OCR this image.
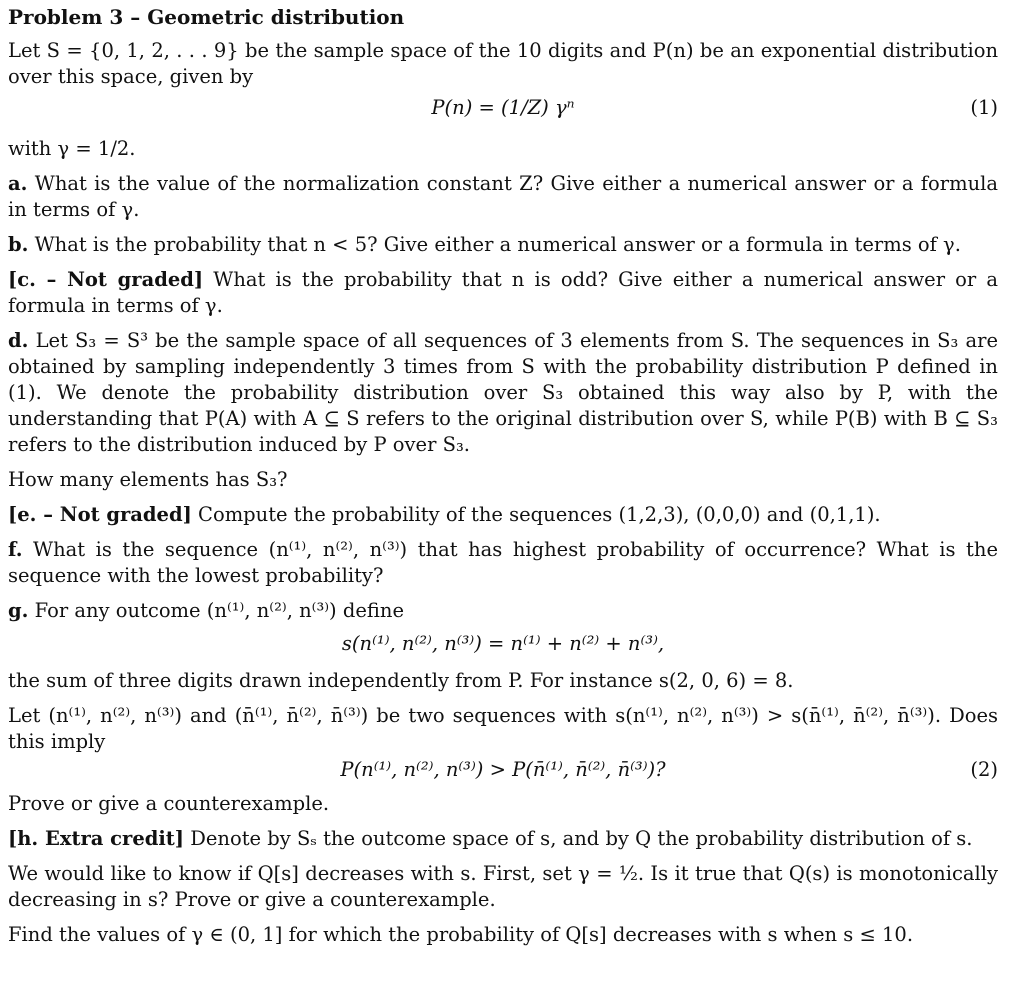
Problem 3 – Geometric distribution

Let S = {0, 1, 2, . . . 9} be the sample space of the 10 digits and P(n) be an exponential distribution over this space, given by

P(n) = (1/Z) γⁿ	(1)

with γ = 1/2.

a. What is the value of the normalization constant Z? Give either a numerical answer or a formula in terms of γ.

b. What is the probability that n < 5? Give either a numerical answer or a formula in terms of γ.

[c. – Not graded] What is the probability that n is odd? Give either a numerical answer or a formula in terms of γ.

d. Let S₃ = S³ be the sample space of all sequences of 3 elements from S. The sequences in S₃ are obtained by sampling independently 3 times from S with the probability distribution P defined in (1). We denote the probability distribution over S₃ obtained this way also by P, with the understanding that P(A) with A ⊆ S refers to the original distribution over S, while P(B) with B ⊆ S₃ refers to the distribution induced by P over S₃.

How many elements has S₃?

[e. – Not graded] Compute the probability of the sequences (1,2,3), (0,0,0) and (0,1,1).

f. What is the sequence (n⁽¹⁾, n⁽²⁾, n⁽³⁾) that has highest probability of occurrence? What is the sequence with the lowest probability?

g. For any outcome (n⁽¹⁾, n⁽²⁾, n⁽³⁾) define

s(n⁽¹⁾, n⁽²⁾, n⁽³⁾) = n⁽¹⁾ + n⁽²⁾ + n⁽³⁾,

the sum of three digits drawn independently from P. For instance s(2, 0, 6) = 8.

Let (n⁽¹⁾, n⁽²⁾, n⁽³⁾) and (n̄⁽¹⁾, n̄⁽²⁾, n̄⁽³⁾) be two sequences with s(n⁽¹⁾, n⁽²⁾, n⁽³⁾) > s(n̄⁽¹⁾, n̄⁽²⁾, n̄⁽³⁾). Does this imply

P(n⁽¹⁾, n⁽²⁾, n⁽³⁾) > P(n̄⁽¹⁾, n̄⁽²⁾, n̄⁽³⁾)?	(2)

Prove or give a counterexample.

[h. Extra credit] Denote by Sₛ the outcome space of s, and by Q the probability distribution of s.

We would like to know if Q[s] decreases with s. First, set γ = ½. Is it true that Q(s) is monotonically decreasing in s? Prove or give a counterexample.

Find the values of γ ∈ (0, 1] for which the probability of Q[s] decreases with s when s ≤ 10.
